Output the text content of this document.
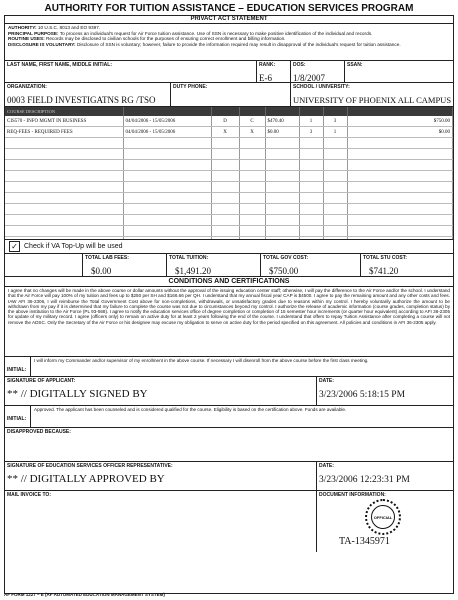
AUTHORITY FOR TUITION ASSISTANCE – EDUCATION SERVICES PROGRAM
PRIVACT ACT STATEMENT
AUTHORITY: 10 U.S.C. 8013 and EO 9397.
PRINCIPAL PURPOSE: To process an individual's request for Air Force tuition assistance. Use of SSN is necessary to make positive identification of the individual and records.
ROUTINE USES: Records may be disclosed to civilian schools for the purposes of ensuring correct enrollment and billing information.
DISCLOSURE IS VOLUNTARY: Disclosure of SSN is voluntary; however, failure to provide the information required may result in disapproval of the individual's request for tuition assistance.
LAST NAME, FIRST NAME, MIDDLE INITIAL:	RANK:
E-6
DOS:
1/8/2007
SSAN:
ORGANIZATION:
0003 FIELD INVESTIGATNS RG /TSO
DUTY PHONE:	SCHOOL / UNIVERSITY:
UNIVERSITY OF PHOENIX ALL CAMPUS
COURSE DESCRIPTION							
CIS570 - INFO MGMT IN BUSINESS	04/04/2006 - 15/05/2006	D	C	$470.40	1	3	$750.00
REQ-FEES - REQUIRED FEES	04/04/2006 - 15/05/2006	X	X	$0.00	3	1	$0.00

✓ Check if VA Top-Up will be used
TOTAL LAB FEES:
$0.00
TOTAL TUITION:
$1,491.20
TOTAL GOV COST:
$750.00
TOTAL STU COST:
$741.20
CONDITIONS AND CERTIFICATIONS
I agree that no changes will be made in the above course or dollar amounts without the approval of the issuing education center staff; otherwise, I will pay the difference to the Air Force and/or the school. I understand that the Air Force will pay 100% of my tuition and fees up to $250 per SH and $166.66 per QH. I understand that my annual fiscal year CAP is $4500. I agree to pay the remaining amount and any other costs and fees. IAW AFI 36-2306, I will reimburse the Total Government Cost above for non-completions, withdrawals, or unsatisfactory grades due to reasons within my control. I hereby voluntarily authorize the amount to be withdrawn from my pay if it is determined that my failure to complete the course was not due to circumstances beyond my control. I authorize the release of academic information (course grades, completion status) by the above institution to the Air Force (PL 93-568). I agree to notify the education services office of degree completion or completion of 15 semester hour increments (or quarter hour equivalent) according to AFI 36-2305 for update of my military record. I agree (officers only) to remain on active duty for at least 2 years following the end of the course. I understand that offers to repay Tuition Assistance after completing a course will not remove the ADSC. Only the Secretary of the Air Force or his designee may excuse my obligation to serve on active duty for the period specified on this agreement. All policies and conditions in AFI 36-2305 apply.
INITIAL:

I will inform my Commander and/or supervisor of my enrollment in the above course. If necessary I will disenroll from the above course before the first class meeting.
SIGNATURE OF APPLICANT:
** // DIGITALLY SIGNED BY
DATE:
3/23/2006 5:18:15 PM
INITIAL:

Approved. The applicant has been counseled and is considered qualified for the course. Eligibility is based on the certification above. Funds are available.
DISAPPROVED BECAUSE:
SIGNATURE OF EDUCATION SERVICES OFFICER REPRESENTATIVE:
** // DIGITALLY APPROVED BY
DATE:
3/23/2006 12:23:31 PM
MAIL INVOICE TO:	DOCUMENT INFORMATION:
OFFICIAL
TA-1345971
AF FORM 1227 – E (AF AUTOMATED EDUCATION MANAGEMENT SYSTEM)
